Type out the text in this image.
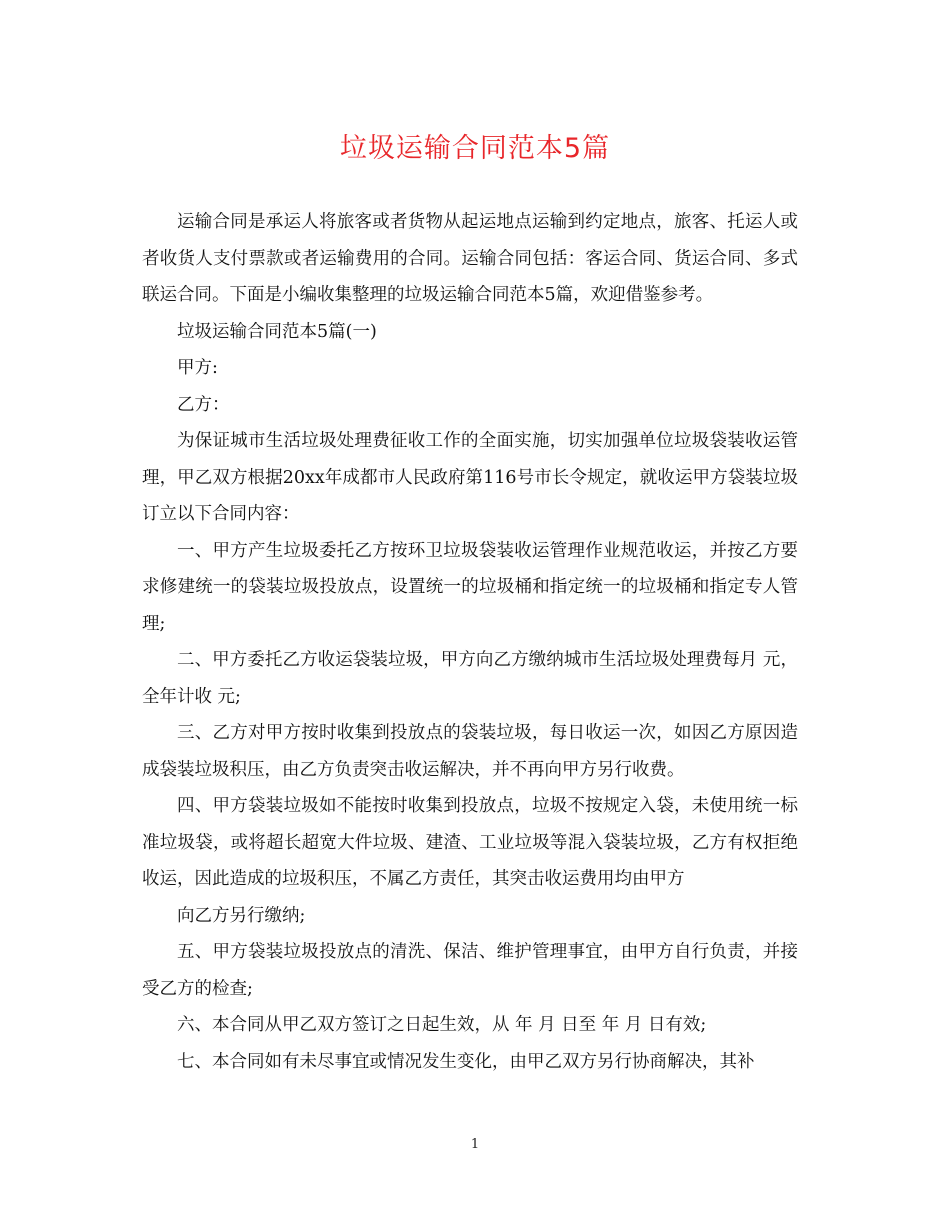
垃圾运输合同范本5篇

运输合同是承运人将旅客或者货物从起运地点运输到约定地点，旅客、托运人或者收货人支付票款或者运输费用的合同。运输合同包括：客运合同、货运合同、多式联运合同。下面是小编收集整理的垃圾运输合同范本5篇，欢迎借鉴参考。

垃圾运输合同范本5篇(一)

甲方:

乙方：

为保证城市生活垃圾处理费征收工作的全面实施，切实加强单位垃圾袋装收运管理，甲乙双方根据20xx年成都市人民政府第116号市长令规定，就收运甲方袋装垃圾订立以下合同内容：

一、甲方产生垃圾委托乙方按环卫垃圾袋装收运管理作业规范收运，并按乙方要求修建统一的袋装垃圾投放点，设置统一的垃圾桶和指定统一的垃圾桶和指定专人管理;

二、甲方委托乙方收运袋装垃圾，甲方向乙方缴纳城市生活垃圾处理费每月 元，全年计收 元;

三、乙方对甲方按时收集到投放点的袋装垃圾，每日收运一次，如因乙方原因造成袋装垃圾积压，由乙方负责突击收运解决，并不再向甲方另行收费。

四、甲方袋装垃圾如不能按时收集到投放点，垃圾不按规定入袋，未使用统一标准垃圾袋，或将超长超宽大件垃圾、建渣、工业垃圾等混入袋装垃圾，乙方有权拒绝收运，因此造成的垃圾积压，不属乙方责任，其突击收运费用均由甲方

向乙方另行缴纳;

五、甲方袋装垃圾投放点的清洗、保洁、维护管理事宜，由甲方自行负责，并接受乙方的检查;

六、本合同从甲乙双方签订之日起生效，从 年 月 日至 年 月 日有效;

七、本合同如有未尽事宜或情况发生变化，由甲乙双方另行协商解决，其补

1
